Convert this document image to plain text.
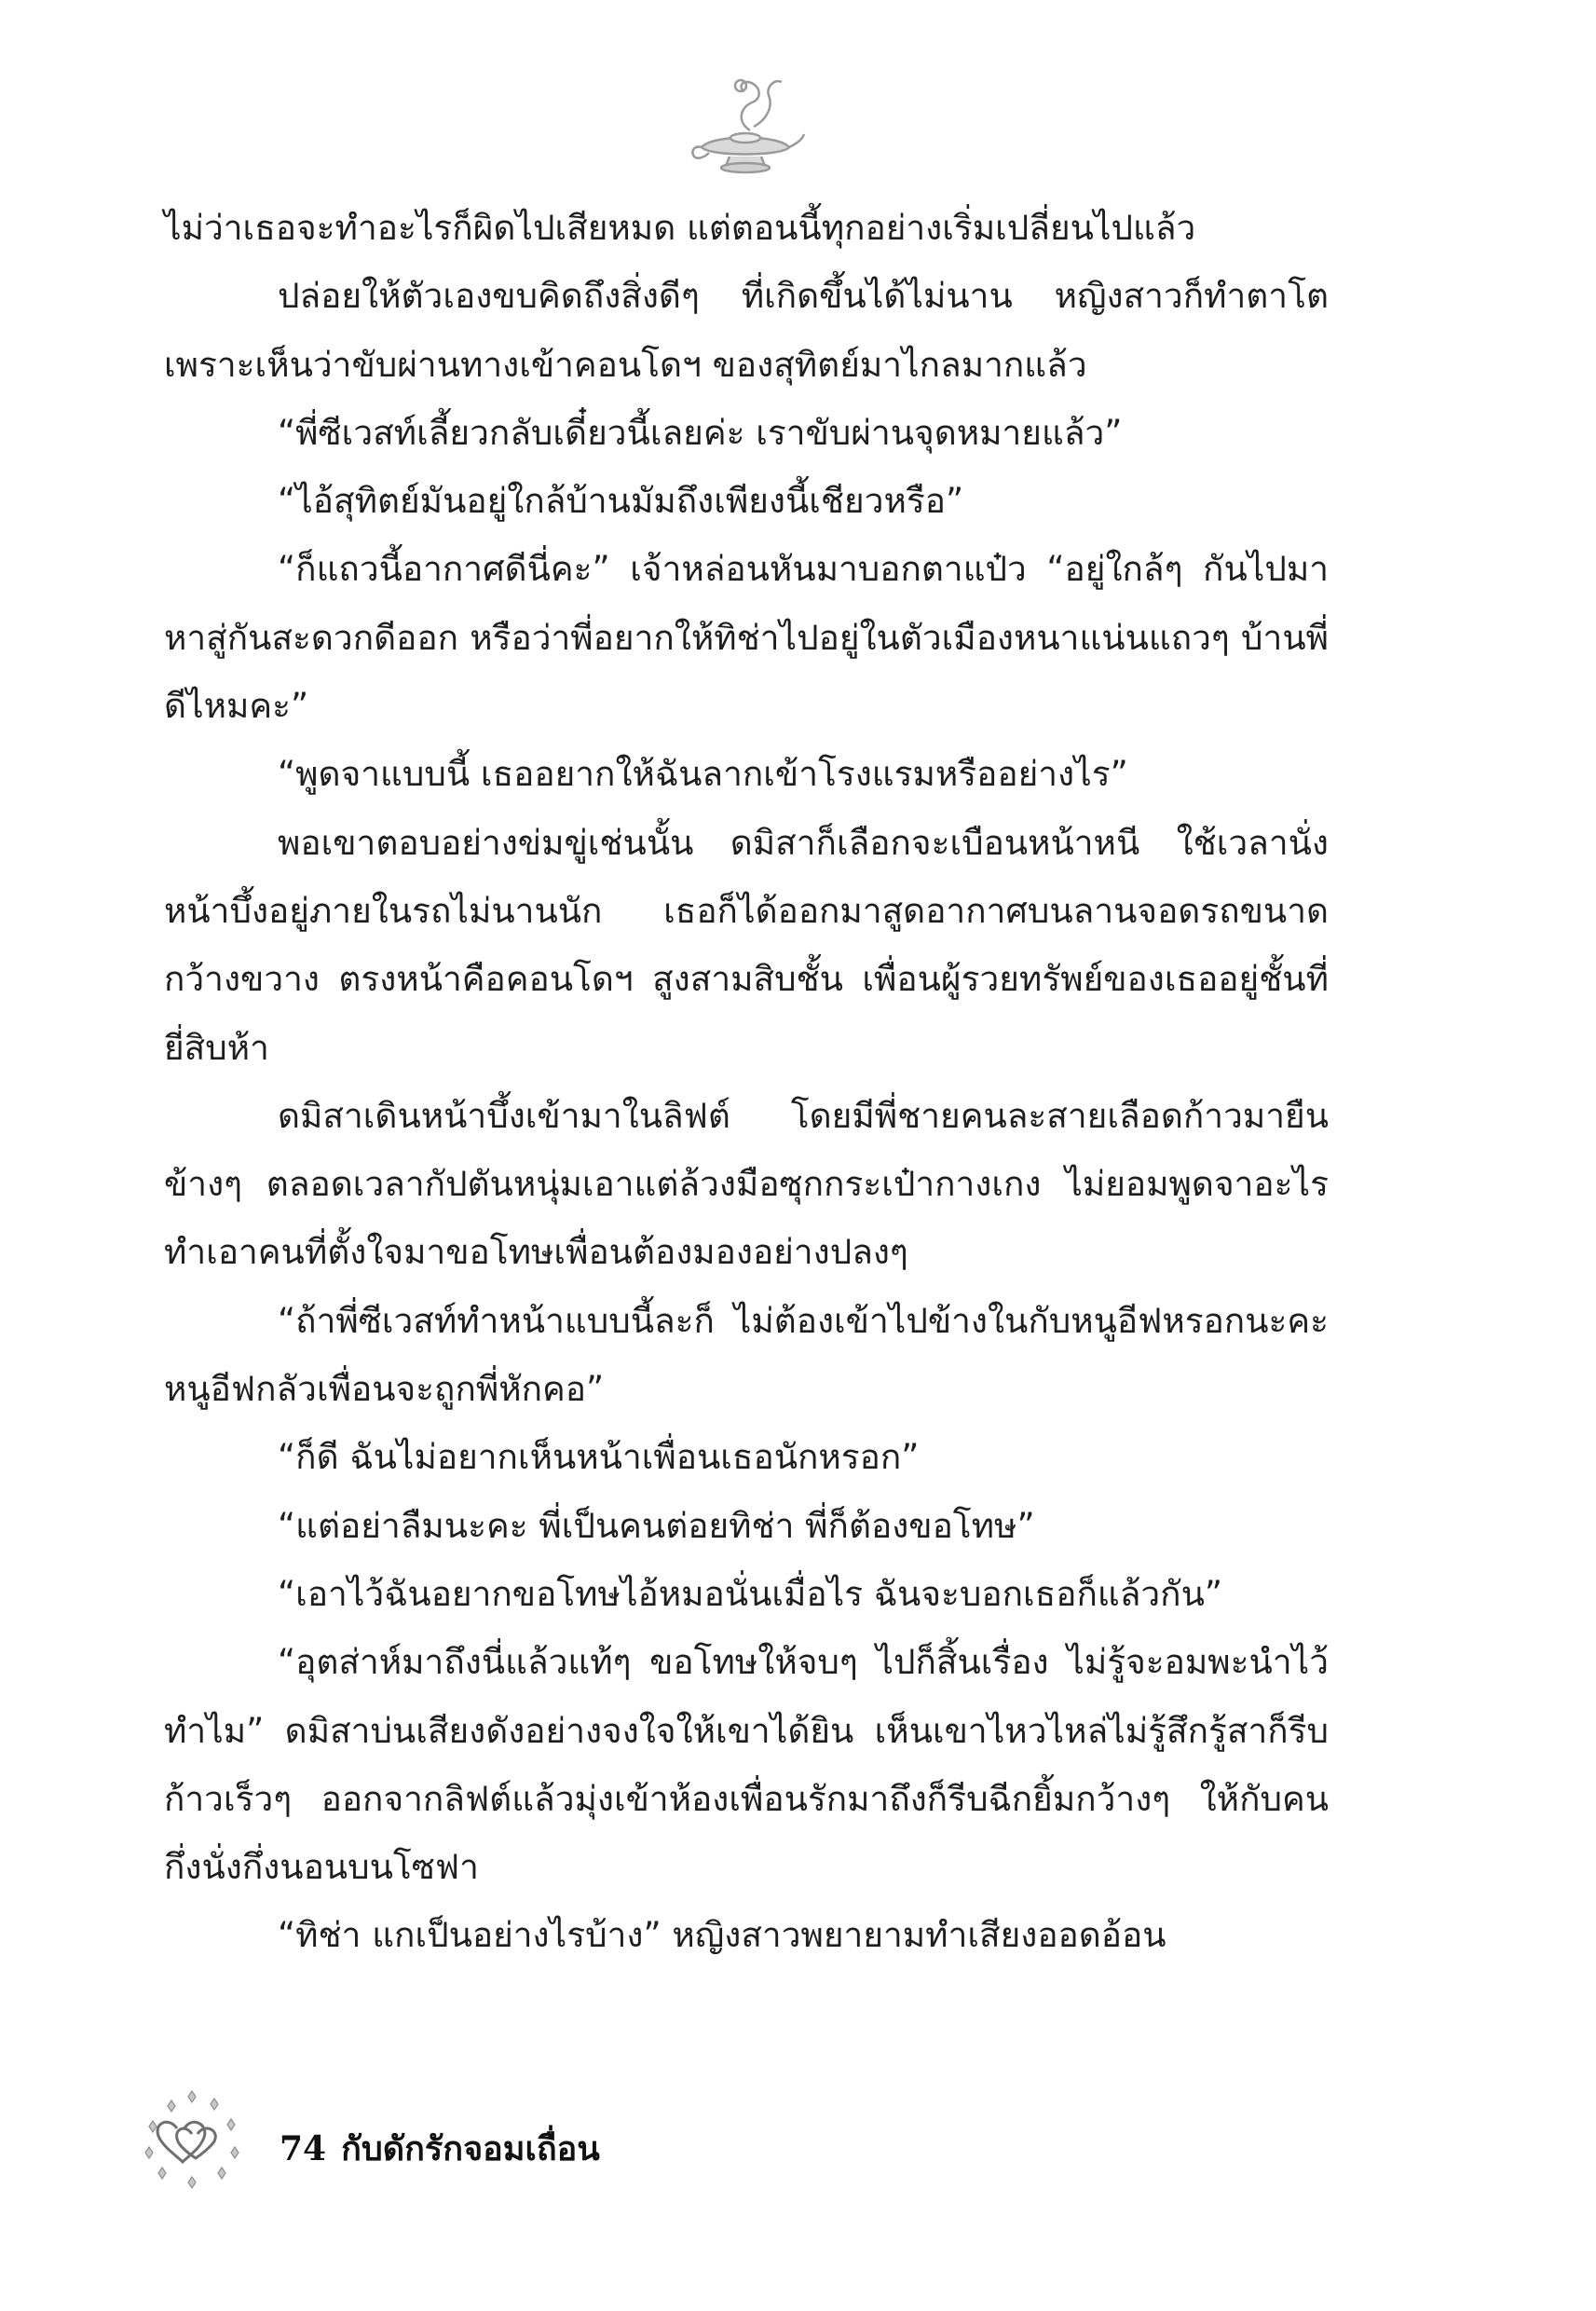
ไม่ว่าเธอจะทำอะไรก็ผิดไปเสียหมด แต่ตอนนี้ทุกอย่างเริ่มเปลี่ยนไปแล้ว

ปล่อยให้ตัวเองขบคิดถึงสิ่งดีๆ ที่เกิดขึ้นได้ไม่นาน หญิงสาวก็ทำตาโต เพราะเห็นว่าขับผ่านทางเข้าคอนโดฯ ของสุทิตย์มาไกลมากแล้ว

“พี่ซีเวสท์เลี้ยวกลับเดี๋ยวนี้เลยค่ะ เราขับผ่านจุดหมายแล้ว”

“ไอ้สุทิตย์มันอยู่ใกล้บ้านมัมถึงเพียงนี้เชียวหรือ”

“ก็แถวนี้อากาศดีนี่คะ” เจ้าหล่อนหันมาบอกตาแป๋ว “อยู่ใกล้ๆ กันไปมาหาสู่กันสะดวกดีออก หรือว่าพี่อยากให้ทิช่าไปอยู่ในตัวเมืองหนาแน่นแถวๆ บ้านพี่ดีไหมคะ”

“พูดจาแบบนี้ เธออยากให้ฉันลากเข้าโรงแรมหรืออย่างไร”

พอเขาตอบอย่างข่มขู่เช่นนั้น ดมิสาก็เลือกจะเบือนหน้าหนี ใช้เวลานั่งหน้าบึ้งอยู่ภายในรถไม่นานนัก เธอก็ได้ออกมาสูดอากาศบนลานจอดรถขนาดกว้างขวาง ตรงหน้าคือคอนโดฯ สูงสามสิบชั้น เพื่อนผู้รวยทรัพย์ของเธออยู่ชั้นที่ยี่สิบห้า

ดมิสาเดินหน้าบึ้งเข้ามาในลิฟต์ โดยมีพี่ชายคนละสายเลือดก้าวมายืนข้างๆ ตลอดเวลากัปตันหนุ่มเอาแต่ล้วงมือซุกกระเป๋ากางเกง ไม่ยอมพูดจาอะไร ทำเอาคนที่ตั้งใจมาขอโทษเพื่อนต้องมองอย่างปลงๆ

“ถ้าพี่ซีเวสท์ทำหน้าแบบนี้ละก็ ไม่ต้องเข้าไปข้างในกับหนูอีฟหรอกนะคะ หนูอีฟกลัวเพื่อนจะถูกพี่หักคอ”

“ก็ดี ฉันไม่อยากเห็นหน้าเพื่อนเธอนักหรอก”

“แต่อย่าลืมนะคะ พี่เป็นคนต่อยทิช่า พี่ก็ต้องขอโทษ”

“เอาไว้ฉันอยากขอโทษไอ้หมอนั่นเมื่อไร ฉันจะบอกเธอก็แล้วกัน”

“อุตส่าห์มาถึงนี่แล้วแท้ๆ ขอโทษให้จบๆ ไปก็สิ้นเรื่อง ไม่รู้จะอมพะนำไว้ทำไม” ดมิสาบ่นเสียงดังอย่างจงใจให้เขาได้ยิน เห็นเขาไหวไหล่ไม่รู้สึกรู้สาก็รีบก้าวเร็วๆ ออกจากลิฟต์แล้วมุ่งเข้าห้องเพื่อนรักมาถึงก็รีบฉีกยิ้มกว้างๆ ให้กับคนกึ่งนั่งกึ่งนอนบนโซฟา

“ทิช่า แกเป็นอย่างไรบ้าง” หญิงสาวพยายามทำเสียงออดอ้อน

74 กับดักรักจอมเถื่อน
